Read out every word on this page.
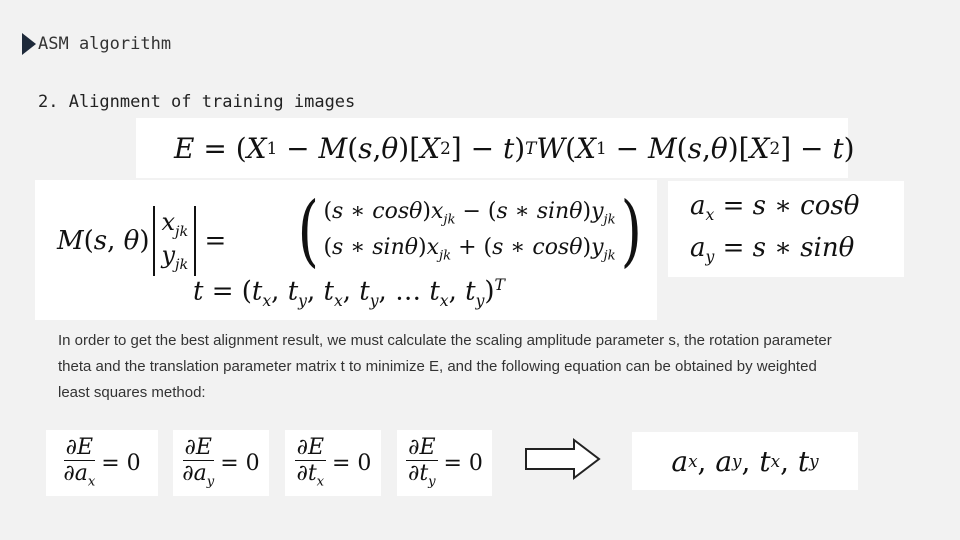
ASM algorithm
2. Alignment of training images
E = ( X 1 − M ( s , θ )[ X 2 ] − t ) T W ( X 1 − M ( s , θ )[ X 2 ] − t )
M ( s , θ )
$x_{jk}$
$y_{jk}$
= ( (s ∗ $\cos\theta)x_{jk} - (s$ ∗ $\sin\theta)y_{jk}$
(s ∗ $\sin\theta)x_{jk} + (s$ ∗ $\cos\theta)y_{jk}$ )
$t = (t_x$, $t_y$, $t_x$, $t_y$, … $t_x$, $t_y)^T$
$a_x = s$ ∗ cosθ
$a_y = s$ ∗ sinθ
In order to get the best alignment result, we must calculate the scaling amplitude parameter s, the rotation parameter theta and the translation parameter matrix t to minimize E, and the following equation can be obtained by weighted least squares method:
$\frac{\partial E}{\partial a_x} = 0 \frac{\partial E}{\partial a_y} = 0 \frac{\partial E}{\partial t_x} = 0 \frac{\partial E}{\partial t_y} = 0$	a x , a y , t x , t y
